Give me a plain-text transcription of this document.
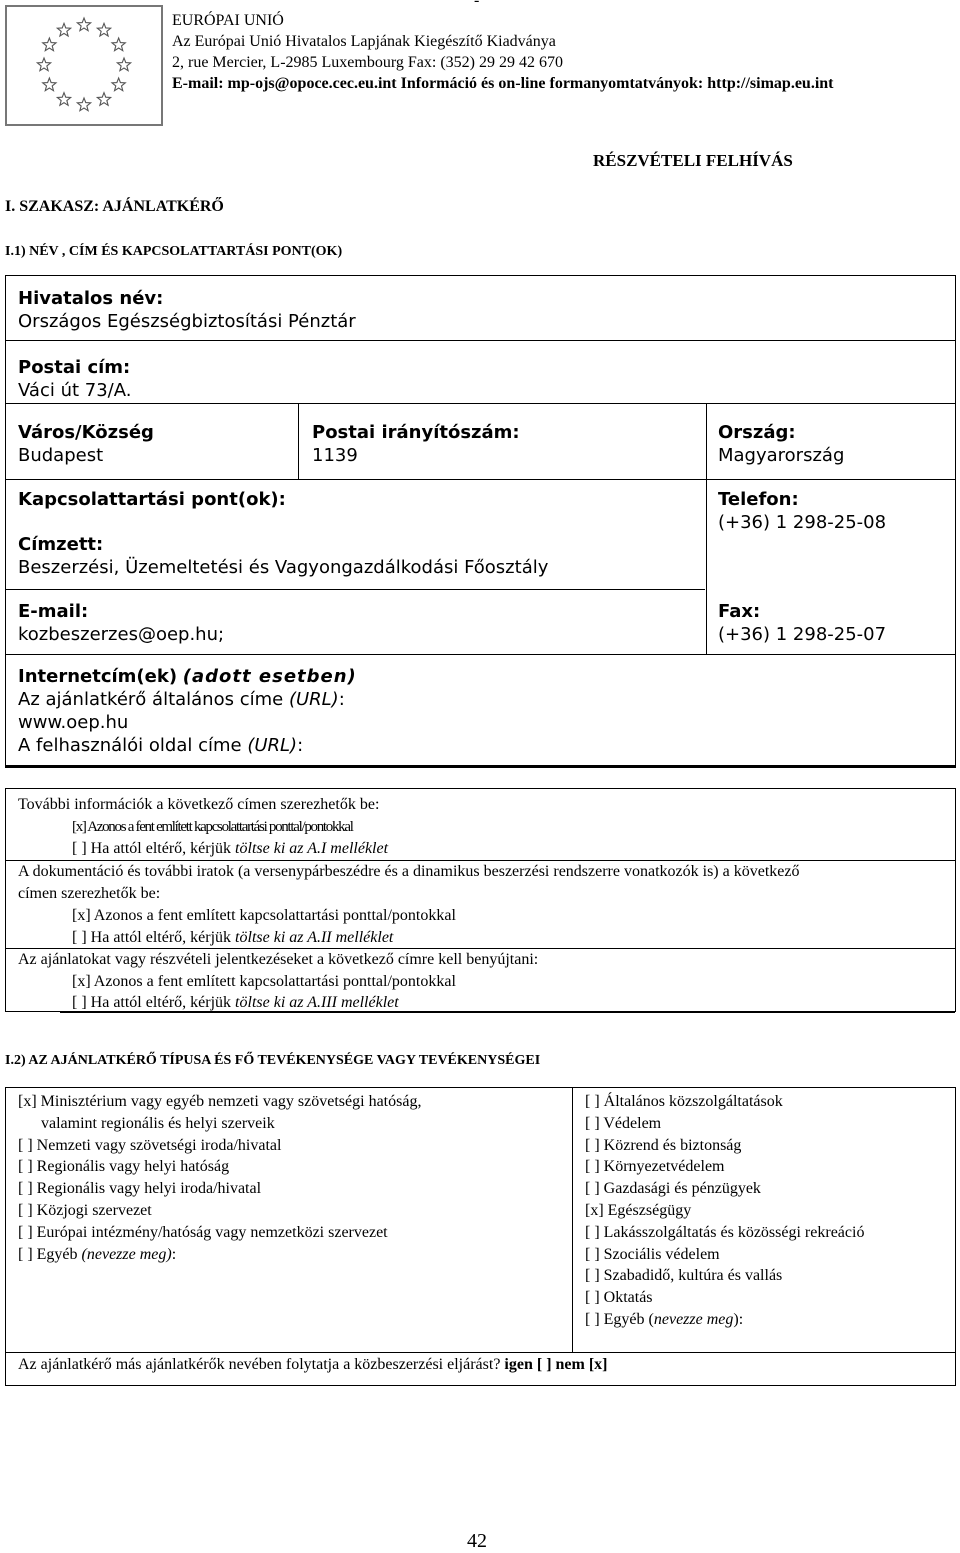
-
EURÓPAI UNIÓ
Az Európai Unió Hivatalos Lapjának Kiegészítő Kiadványa
2, rue Mercier, L-2985 Luxembourg Fax: (352) 29 29 42 670
E-mail: mp-ojs@opoce.cec.eu.int Információ és on-line formanyomtatványok: http://simap.eu.int
RÉSZVÉTELI FELHÍVÁS
I. SZAKASZ: AJÁNLATKÉRŐ
I.1) NÉV , CÍM ÉS KAPCSOLATTARTÁSI PONT(OK)
Hivatalos név:
Országos Egészségbiztosítási Pénztár
Postai cím:
Váci út 73/A.
Város/Község
Budapest
Postai irányítószám:
1139
Ország:
Magyarország
Kapcsolattartási pont(ok):	Telefon:
(+36) 1 298-25-08
Címzett:
Beszerzési, Üzemeltetési és Vagyongazdálkodási Főosztály
E-mail:
kozbeszerzes@oep.hu;
Fax:
(+36) 1 298-25-07
Internetcím(ek) (adott esetben)
Az ajánlatkérő általános címe (URL):
www.oep.hu
A felhasználói oldal címe (URL):
További információk a következő címen szerezhetők be:
[x] Azonos a fent említett kapcsolattartási ponttal/pontokkal
[ ] Ha attól eltérő, kérjük töltse ki az A.I melléklet
A dokumentáció és további iratok (a versenypárbeszédre és a dinamikus beszerzési rendszerre vonatkozók is) a következő
címen szerezhetők be:
[x] Azonos a fent említett kapcsolattartási ponttal/pontokkal
[ ] Ha attól eltérő, kérjük töltse ki az A.II melléklet
Az ajánlatokat vagy részvételi jelentkezéseket a következő címre kell benyújtani:
[x] Azonos a fent említett kapcsolattartási ponttal/pontokkal
[ ] Ha attól eltérő, kérjük töltse ki az A.III melléklet
I.2) AZ AJÁNLATKÉRŐ TÍPUSA ÉS FŐ TEVÉKENYSÉGE VAGY TEVÉKENYSÉGEI
[x] Minisztérium vagy egyéb nemzeti vagy szövetségi hatóság,
valamint regionális és helyi szerveik
[ ] Nemzeti vagy szövetségi iroda/hivatal
[ ] Regionális vagy helyi hatóság
[ ] Regionális vagy helyi iroda/hivatal
[ ] Közjogi szervezet
[ ] Európai intézmény/hatóság vagy nemzetközi szervezet
[ ] Egyéb (nevezze meg):
[ ] Általános közszolgáltatások
[ ] Védelem
[ ] Közrend és biztonság
[ ] Környezetvédelem
[ ] Gazdasági és pénzügyek
[x] Egészségügy
[ ] Lakásszolgáltatás és közösségi rekreáció
[ ] Szociális védelem
[ ] Szabadidő, kultúra és vallás
[ ] Oktatás
[ ] Egyéb (nevezze meg):
Az ajánlatkérő más ajánlatkérők nevében folytatja a közbeszerzési eljárást? igen [ ] nem [x]
42
